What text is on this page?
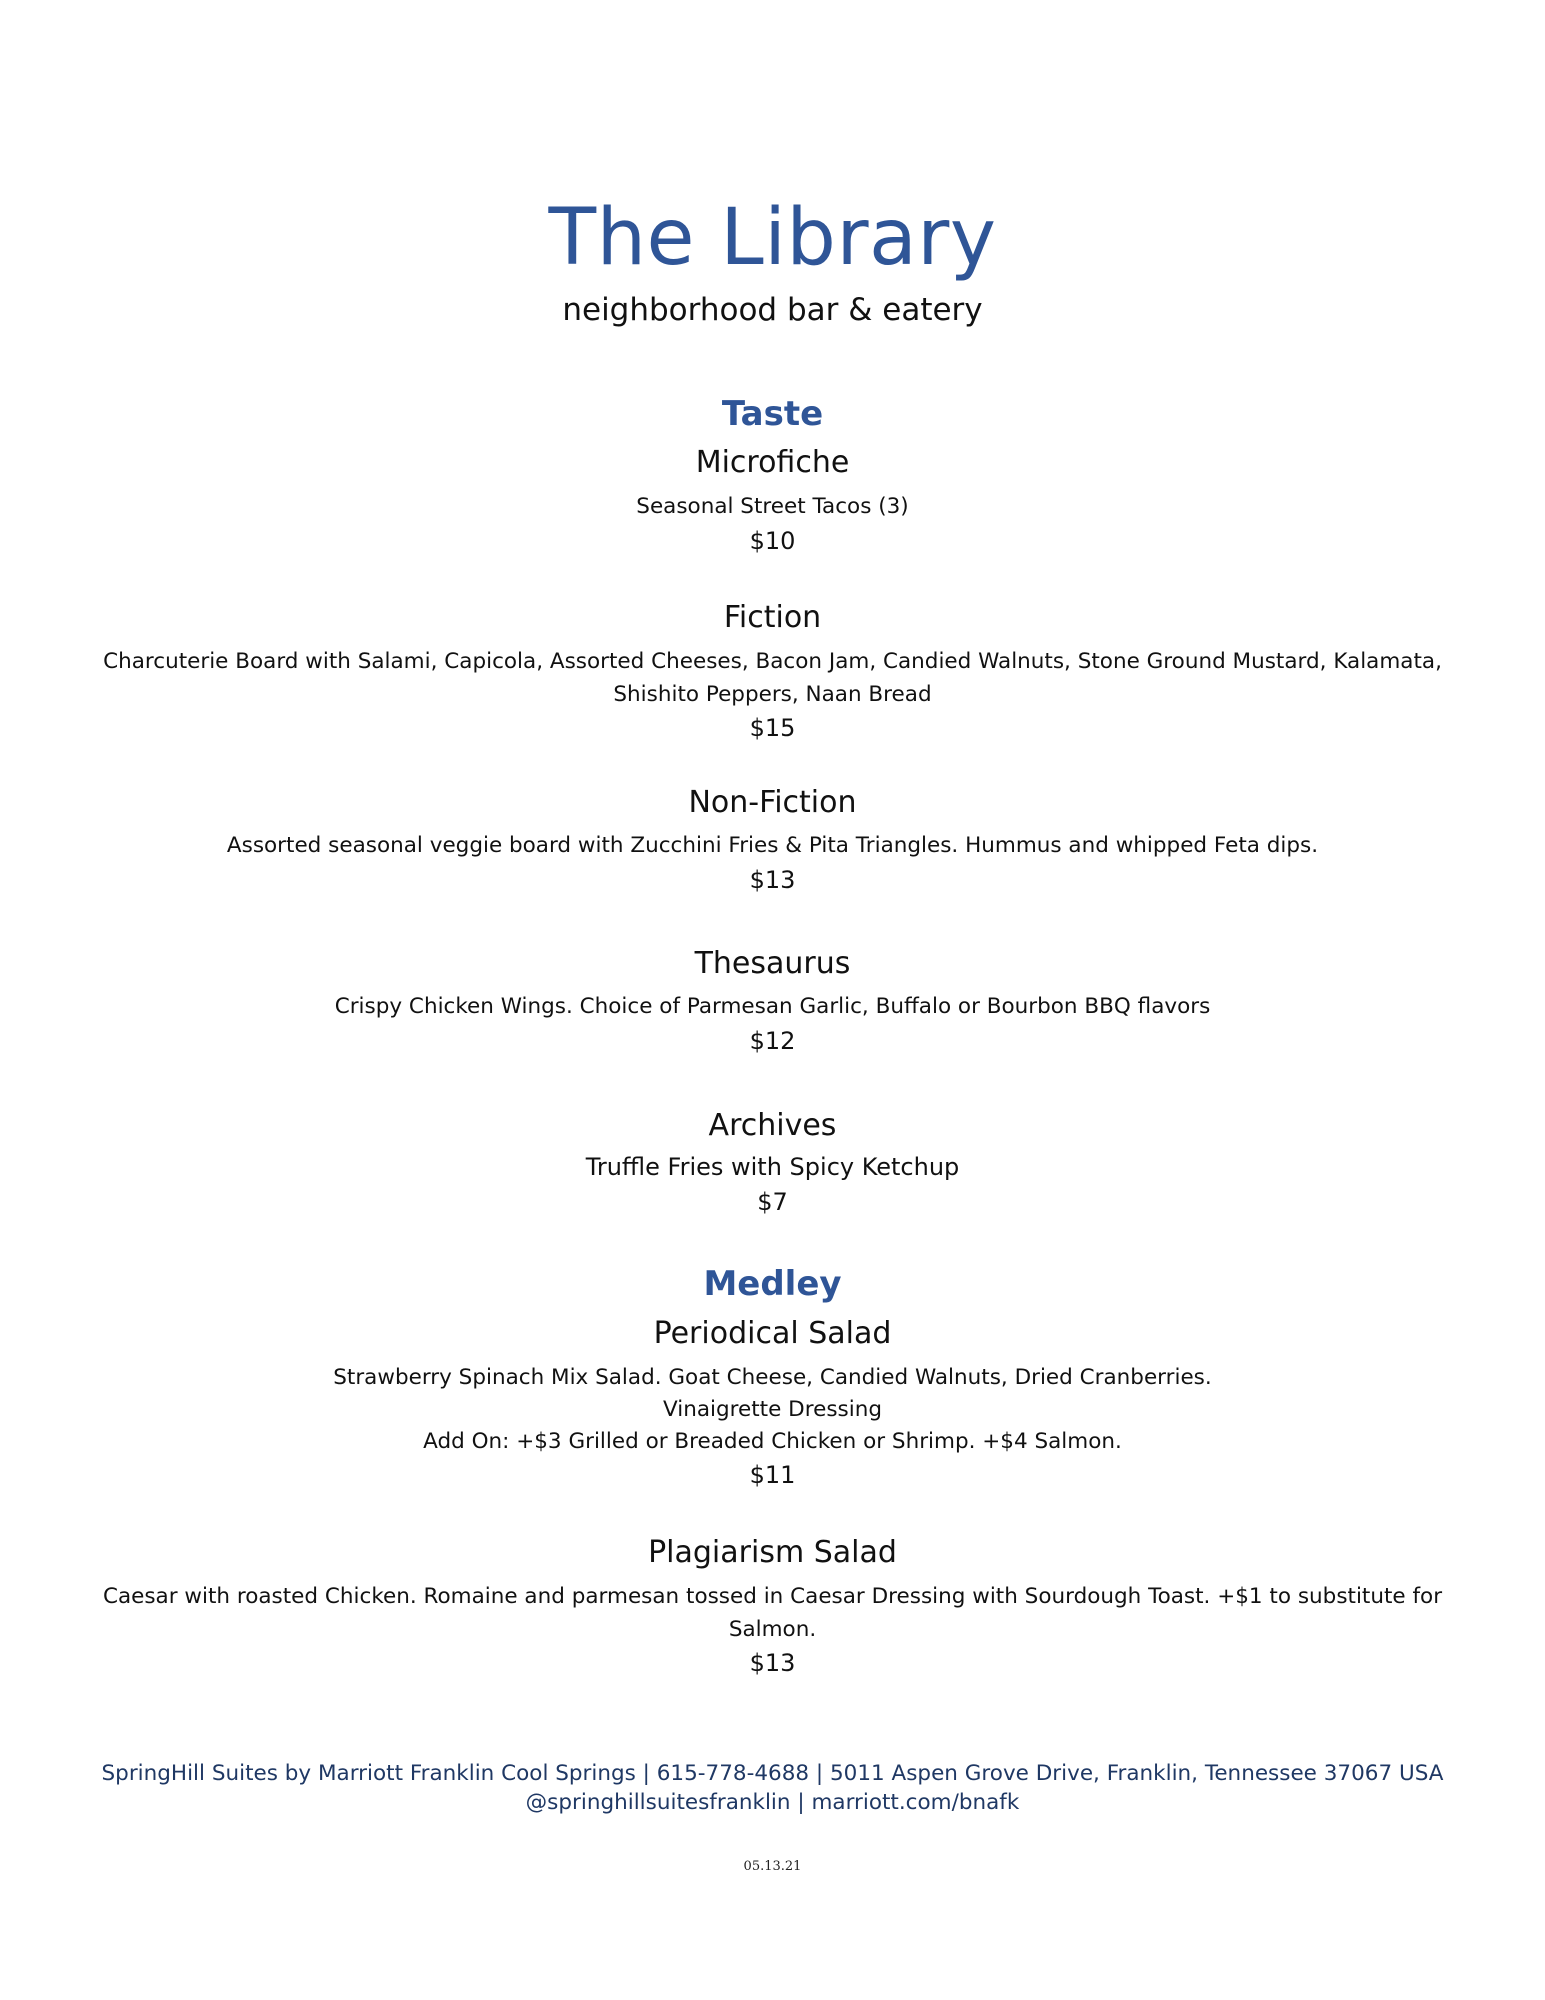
The Library
neighborhood bar & eatery
Taste
Microfiche
Seasonal Street Tacos (3)
$10
Fiction
Charcuterie Board with Salami, Capicola, Assorted Cheeses, Bacon Jam, Candied Walnuts, Stone Ground Mustard, Kalamata,
Shishito Peppers, Naan Bread
$15
Non-Fiction
Assorted seasonal veggie board with Zucchini Fries & Pita Triangles. Hummus and whipped Feta dips.
$13
Thesaurus
Crispy Chicken Wings. Choice of Parmesan Garlic, Buffalo or Bourbon BBQ flavors
$12
Archives
Truffle Fries with Spicy Ketchup
$7
Medley
Periodical Salad
Strawberry Spinach Mix Salad. Goat Cheese, Candied Walnuts, Dried Cranberries.
Vinaigrette Dressing
Add On: +$3 Grilled or Breaded Chicken or Shrimp. +$4 Salmon.
$11
Plagiarism Salad
Caesar with roasted Chicken. Romaine and parmesan tossed in Caesar Dressing with Sourdough Toast. +$1 to substitute for
Salmon.
$13
SpringHill Suites by Marriott Franklin Cool Springs | 615-778-4688 | 5011 Aspen Grove Drive, Franklin, Tennessee 37067 USA
@springhillsuitesfranklin | marriott.com/bnafk
05.13.21
